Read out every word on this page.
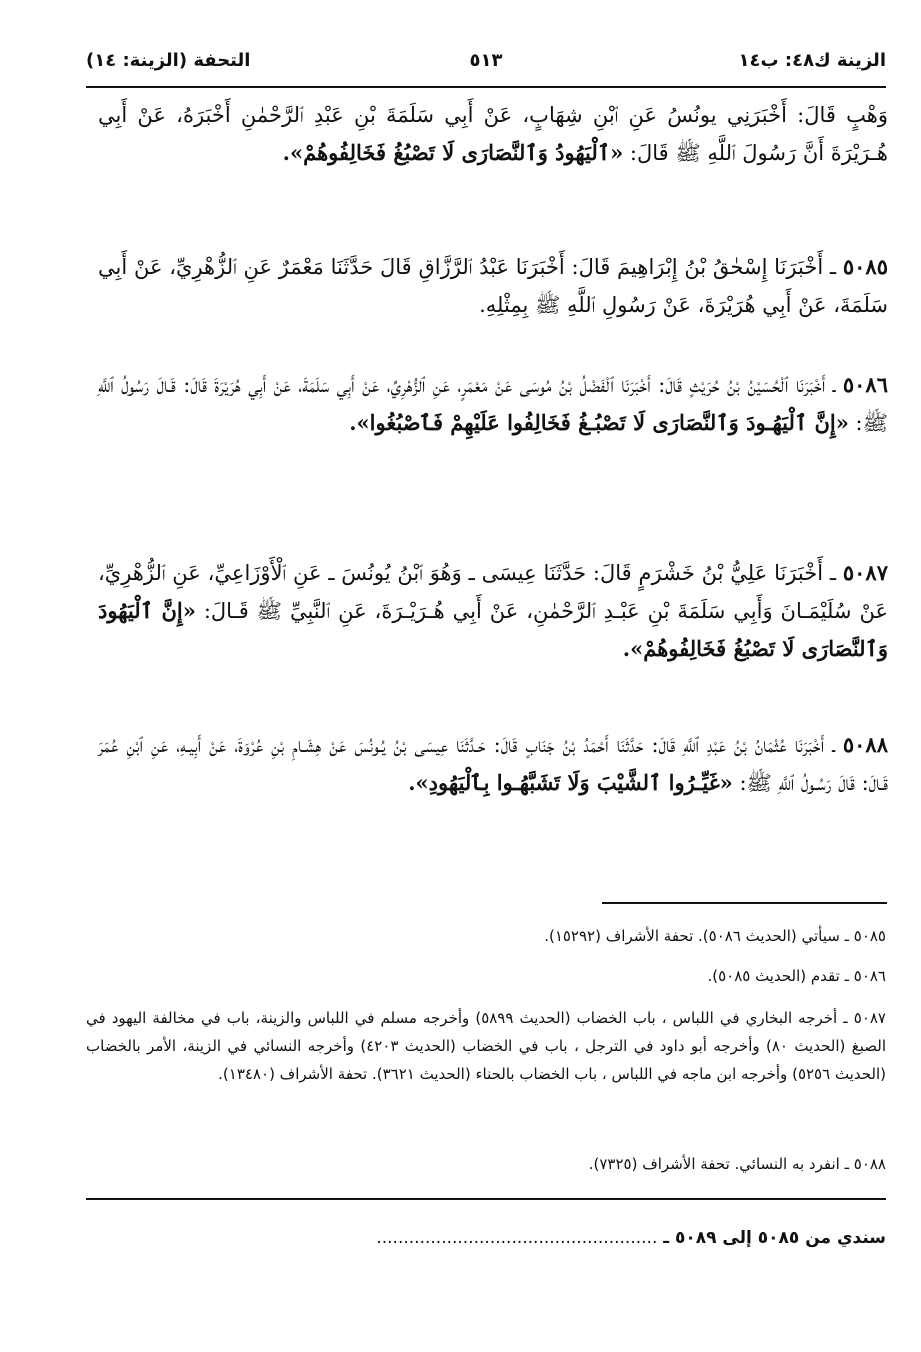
الزينة ك٤٨: ب١٤
٥١٣
التحفة (الزينة: ١٤)

وَهْبٍ قَالَ: أَخْبَرَنِي يونُسُ عَنِ ٱبْنِ شِهَابٍ، عَنْ أَبِي سَلَمَةَ بْنِ عَبْدِ ٱلرَّحْمٰنِ أَخْبَرَهُ، عَنْ أَبِي هُـرَيْرَةَ أَنَّ رَسُولَ ٱللَّهِ ﷺ قَالَ: «ٱلْيَهُودُ وَٱلنَّصَارَى لَا تَصْبُغُ فَخَالِفُوهُمْ».

٥٠٨٥ ـ أَخْبَرَنَا إِسْحٰقُ بْنُ إِبْرَاهِيمَ قَالَ: أَخْبَرَنَا عَبْدُ ٱلرَّزَّاقِ قَالَ حَدَّثَنَا مَعْمَرٌ عَنِ ٱلزُّهْرِيِّ، عَنْ أَبِي سَلَمَةَ، عَنْ أَبِي هُرَيْرَةَ، عَنْ رَسُولِ ٱللَّهِ ﷺ بِمِثْلِهِ.

٥٠٨٦ ـ أَخْبَرَنَا ٱلْحُسَيْنُ بْنُ حُرَيْثٍ قَالَ: أَخْبَرَنَا ٱلْفَضْلُ بْنُ مُوسَى عَنْ مَعْمَرٍ، عَنِ ٱلزُّهْرِيِّ، عَنْ أَبِي سَلَمَةَ، عَنْ أَبِي هُرَيْرَةَ قَالَ: قَـالَ رَسُولُ ٱللَّهِ ﷺ: «إِنَّ ٱلْيَهُـودَ وَٱلنَّصَارَى لَا تَصْبُـغُ فَخَالِفُوا عَلَيْهِمْ فَٱصْبُغُوا».

٥٠٨٧ ـ أَخْبَرَنَا عَلِيُّ بْنُ خَشْرَمٍ قَالَ: حَدَّثَنَا عِيسَى ـ وَهُوَ ٱبْنُ يُونُسَ ـ عَنِ ٱلْأَوْزَاعِيِّ، عَنِ ٱلزُّهْرِيِّ، عَنْ سُلَيْمَـانَ وَأَبِي سَلَمَةَ بْنِ عَبْـدِ ٱلرَّحْمٰنِ، عَنْ أَبِي هُـرَيْـرَةَ، عَنِ ٱلنَّبِيِّ ﷺ قَـالَ: «إِنَّ ٱلْيَهُودَ وَٱلنَّصَارَى لَا تَصْبُغُ فَخَالِفُوهُمْ».

٥٠٨٨ ـ أَخْبَرَنَا عُثْمَانُ بْنُ عَبْدِ ٱللَّهِ قَالَ: حَدَّثَنَا أَحْمَدُ بْنُ جَنَابٍ قَالَ: حَـدَّثَنَا عِيسَى بْنُ يُـونُسَ عَنْ هِشَـامِ بْنِ عُرْوَةَ، عَنْ أَبِيـهِ، عَنِ ٱبْنِ عُمَرَ قَـالَ: قَالَ رَسُـولُ ٱللَّهِ ﷺ: «غَيِّـرُوا ٱلشَّيْبَ وَلَا تَشَبَّهُـوا بِٱلْيَهُودِ».

٥٠٨٥ ـ سيأتي (الحديث ٥٠٨٦). تحفة الأشراف (١٥٢٩٢).

٥٠٨٦ ـ تقدم (الحديث ٥٠٨٥).

٥٠٨٧ ـ أخرجه البخاري في اللباس ، باب الخضاب (الحديث ٥٨٩٩) وأخرجه مسلم في اللباس والزينة، باب في مخالفة اليهود في الصبغ (الحديث ٨٠) وأخرجه أبو داود في الترجل ، باب في الخضاب (الحديث ٤٢٠٣) وأخرجه النسائي في الزينة، الأمر بالخضاب (الحديث ٥٢٥٦) وأخرجه ابن ماجه في اللباس ، باب الخضاب بالحناء (الحديث ٣٦٢١). تحفة الأشراف (١٣٤٨٠).

٥٠٨٨ ـ انفرد به النسائي. تحفة الأشراف (٧٣٢٥).

سندي من ٥٠٨٥ إلى ٥٠٨٩ ـ ....................................................
